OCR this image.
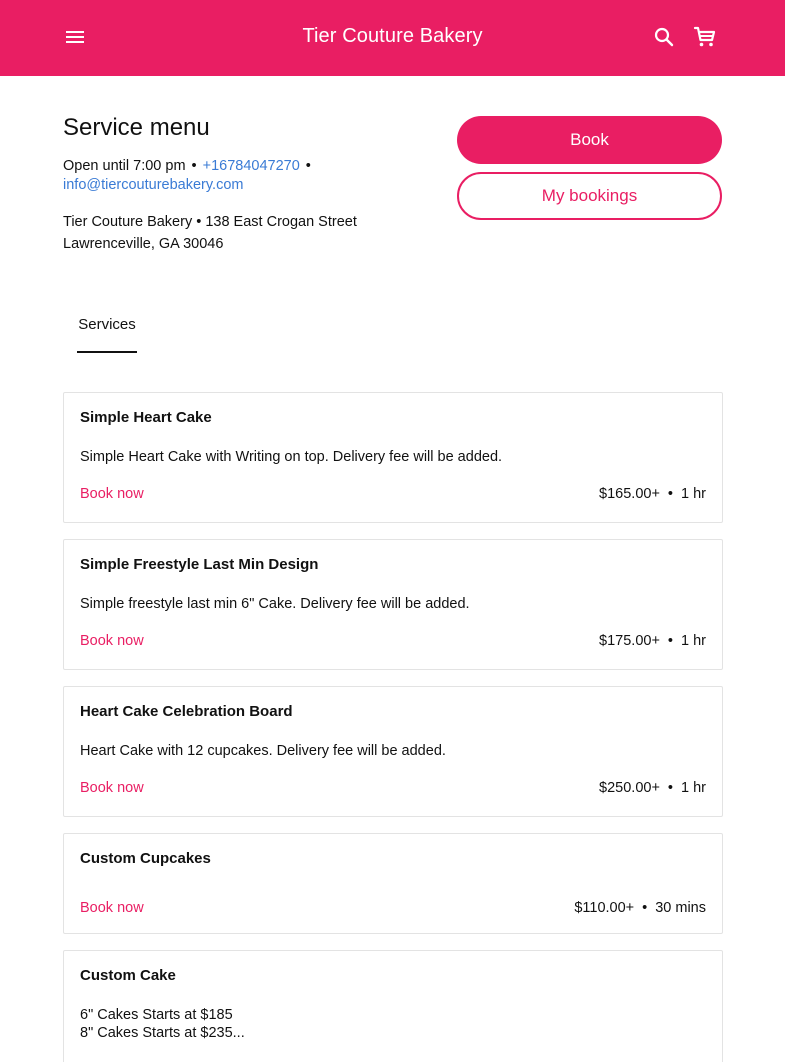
Tier Couture Bakery
Service menu
Open until 7:00 pm • +16784047270 •
info@tiercouturebakery.com
Tier Couture Bakery • 138 East Crogan Street
Lawrenceville, GA 30046
Book
My bookings
Services
Simple Heart Cake
Simple Heart Cake with Writing on top. Delivery fee will be added.
Book now	$165.00+ • 1 hr
Simple Freestyle Last Min Design
Simple freestyle last min 6" Cake. Delivery fee will be added.
Book now	$175.00+ • 1 hr
Heart Cake Celebration Board
Heart Cake with 12 cupcakes. Delivery fee will be added.
Book now	$250.00+ • 1 hr
Custom Cupcakes
Book now	$110.00+ • 30 mins
Custom Cake
6" Cakes Starts at $185
8" Cakes Starts at $235...
